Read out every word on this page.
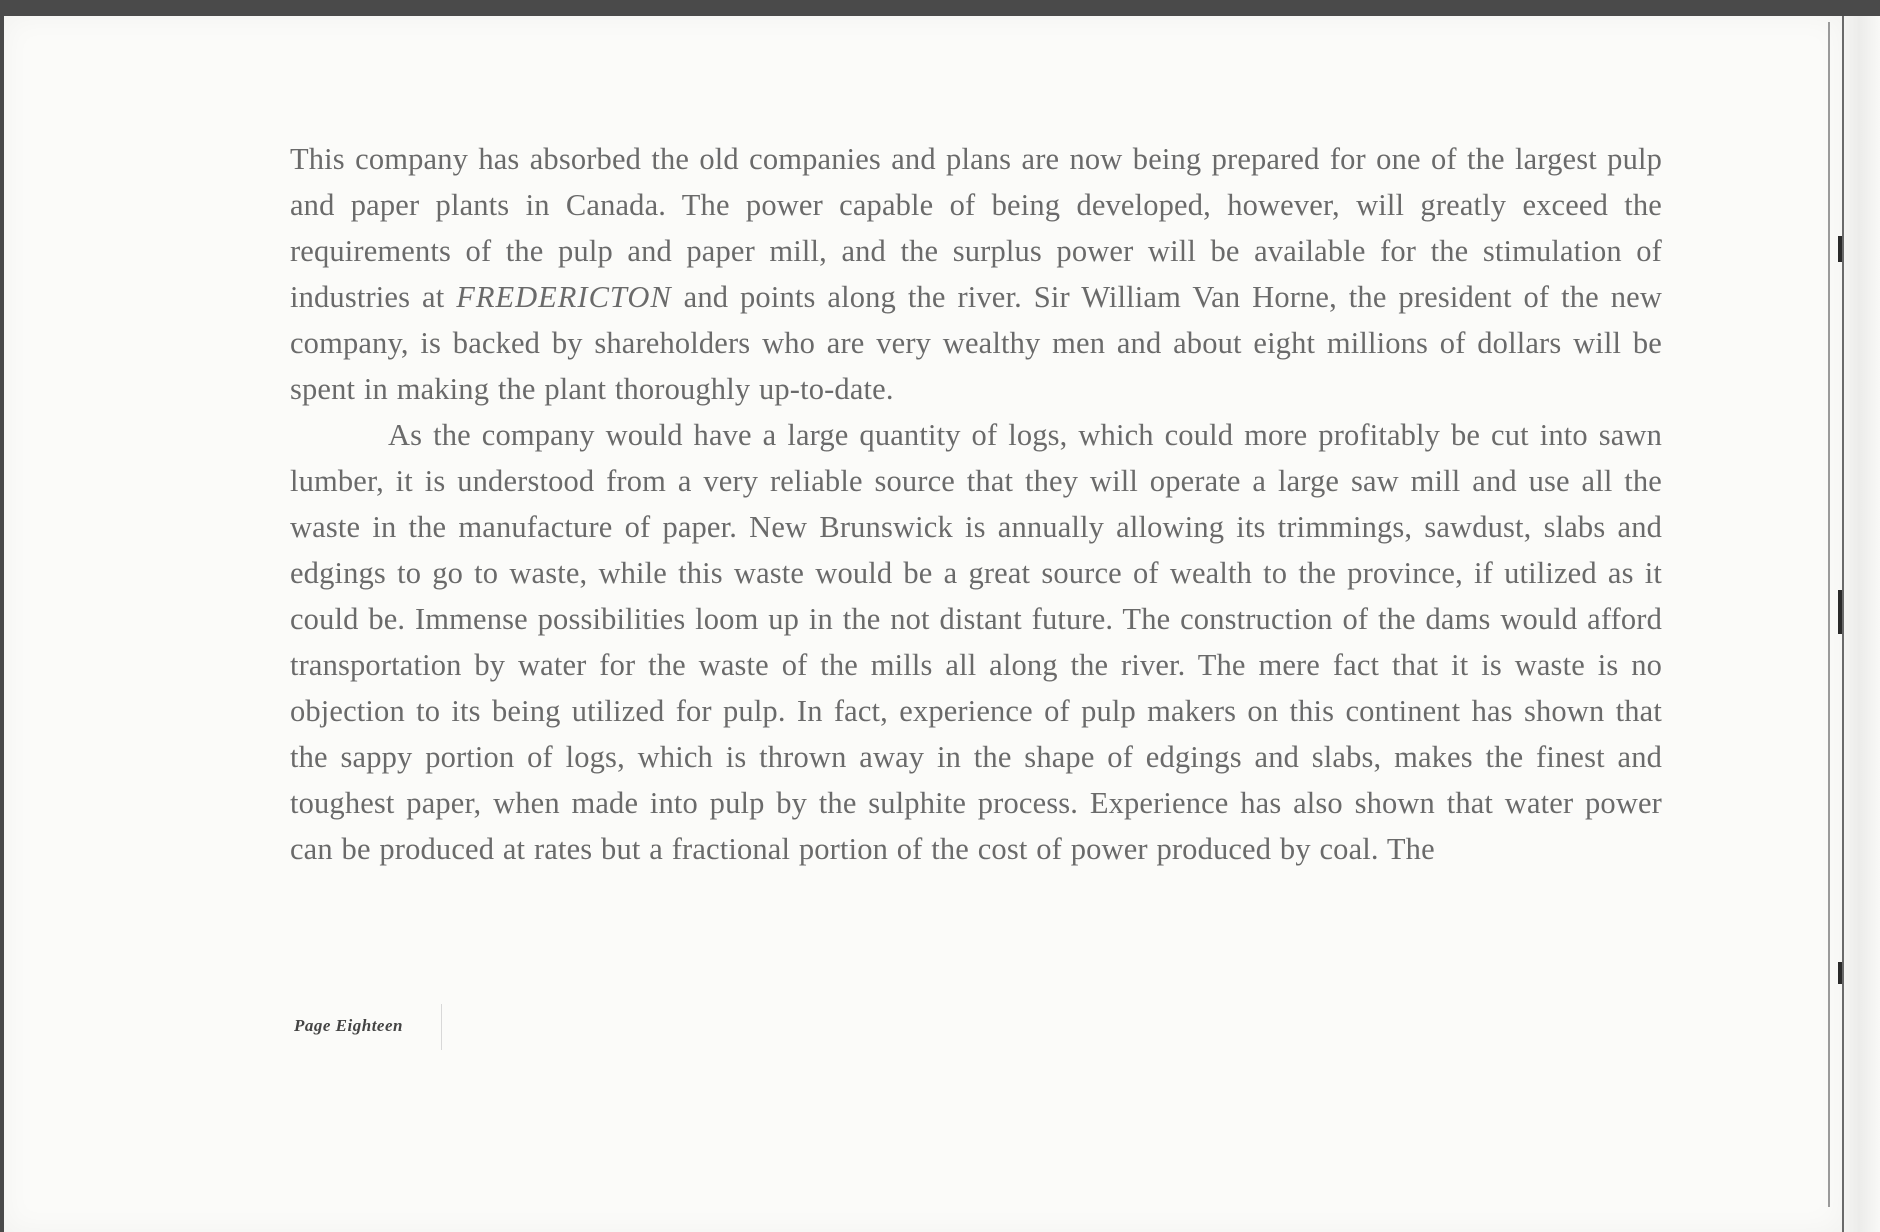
This company has absorbed the old companies and plans are now being prepared for one of the largest pulp and paper plants in Canada. The power capable of being developed, however, will greatly exceed the requirements of the pulp and paper mill, and the surplus power will be available for the stimulation of industries at FREDERICTON and points along the river. Sir William Van Horne, the president of the new company, is backed by shareholders who are very wealthy men and about eight millions of dollars will be spent in making the plant thoroughly up-to-date.

As the company would have a large quantity of logs, which could more profitably be cut into sawn lumber, it is understood from a very reliable source that they will operate a large saw mill and use all the waste in the manufacture of paper. New Brunswick is annually allowing its trimmings, sawdust, slabs and edgings to go to waste, while this waste would be a great source of wealth to the province, if utilized as it could be. Immense possibilities loom up in the not distant future. The construction of the dams would afford transportation by water for the waste of the mills all along the river. The mere fact that it is waste is no objection to its being utilized for pulp. In fact, experience of pulp makers on this continent has shown that the sappy portion of logs, which is thrown away in the shape of edgings and slabs, makes the finest and toughest paper, when made into pulp by the sulphite process. Experience has also shown that water power can be produced at rates but a fractional portion of the cost of power produced by coal. The

Page Eighteen
